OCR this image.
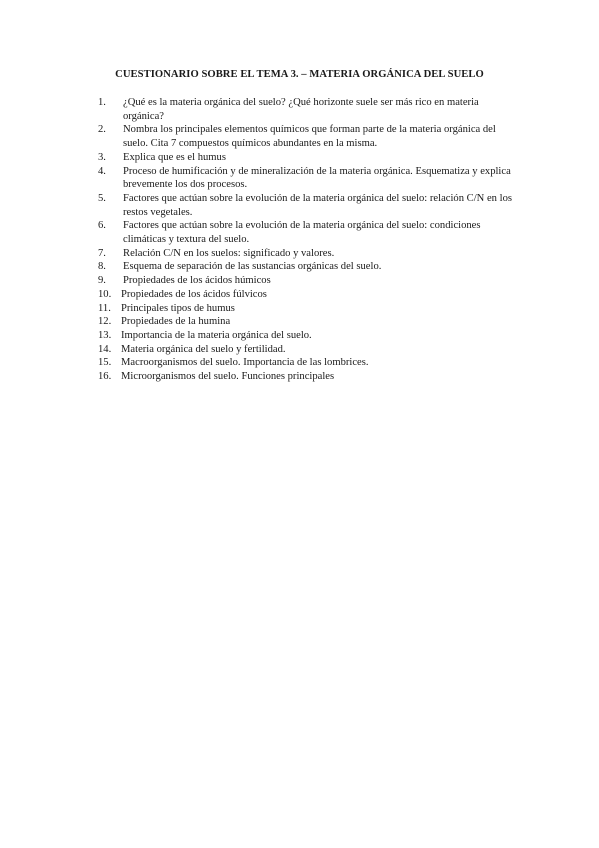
CUESTIONARIO SOBRE EL TEMA 3. – MATERIA ORGÁNICA DEL SUELO
1.	¿Qué es la materia orgánica del suelo? ¿Qué horizonte suele ser más rico en materia orgánica?
2.	Nombra los principales elementos químicos que forman parte de la materia orgánica del suelo. Cita 7 compuestos químicos abundantes en la misma.
3.	Explica que es el humus
4.	Proceso de humificación y de mineralización de la materia orgánica. Esquematiza y explica brevemente los dos procesos.
5.	Factores que actúan sobre la evolución de la materia orgánica del suelo: relación C/N en los restos vegetales.
6.	Factores que actúan sobre la evolución de la materia orgánica del suelo: condiciones climáticas y textura del suelo.
7.	Relación C/N en los suelos: significado y valores.
8.	Esquema de separación de las sustancias orgánicas del suelo.
9.	Propiedades de los ácidos húmicos
10. Propiedades de los ácidos fúlvicos
11. Principales tipos de humus
12. Propiedades de la humina
13. Importancia de la materia orgánica del suelo.
14. Materia orgánica del suelo y fertilidad.
15. Macroorganismos del suelo. Importancia de las lombrices.
16. Microorganismos del suelo. Funciones principales
